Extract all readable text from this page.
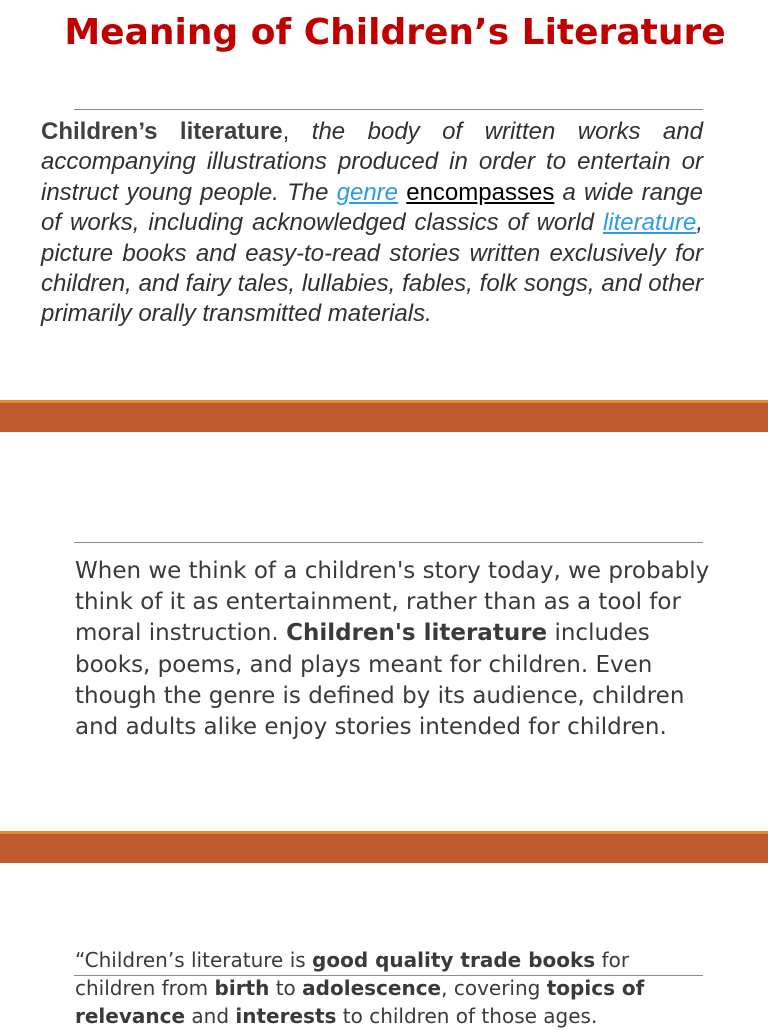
Meaning of Children’s Literature

Children’s literature, the body of written works and accompanying illustrations produced in order to entertain or instruct young people. The genre encompasses a wide range of works, including acknowledged classics of world literature, picture books and easy-to-read stories written exclusively for children, and fairy tales, lullabies, fables, folk songs, and other primarily orally transmitted materials.

When we think of a children's story today, we probably think of it as entertainment, rather than as a tool for moral instruction. Children's literature includes books, poems, and plays meant for children. Even though the genre is defined by its audience, children and adults alike enjoy stories intended for children.

“Children’s literature is good quality trade books for children from birth to adolescence, covering topics of relevance and interests to children of those ages.
